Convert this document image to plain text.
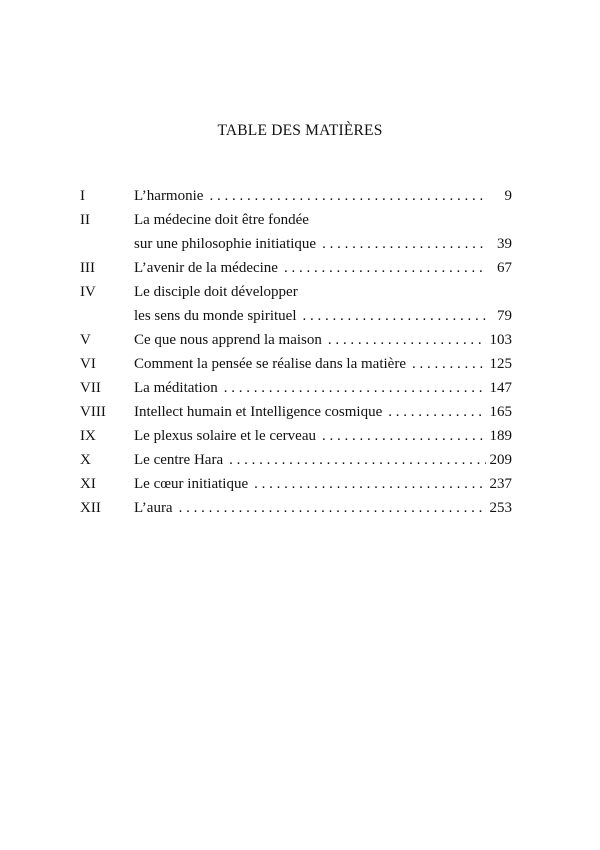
TABLE DES MATIÈRES
I	L’harmonie . . .	9
II	La médecine doit être fondée
sur une philosophie initiatique . . .	39
III	L’avenir de la médecine . . .	67
IV	Le disciple doit développer
les sens du monde spirituel . . .	79
V	Ce que nous apprend la maison . . .	103
VI	Comment la pensée se réalise dans la matière . . .	125
VII	La méditation . . .	147
VIII	Intellect humain et Intelligence cosmique . . .	165
IX	Le plexus solaire et le cerveau . . .	189
X	Le centre Hara . . .	209
XI	Le cœur initiatique . . .	237
XII	L’aura . . .	253
